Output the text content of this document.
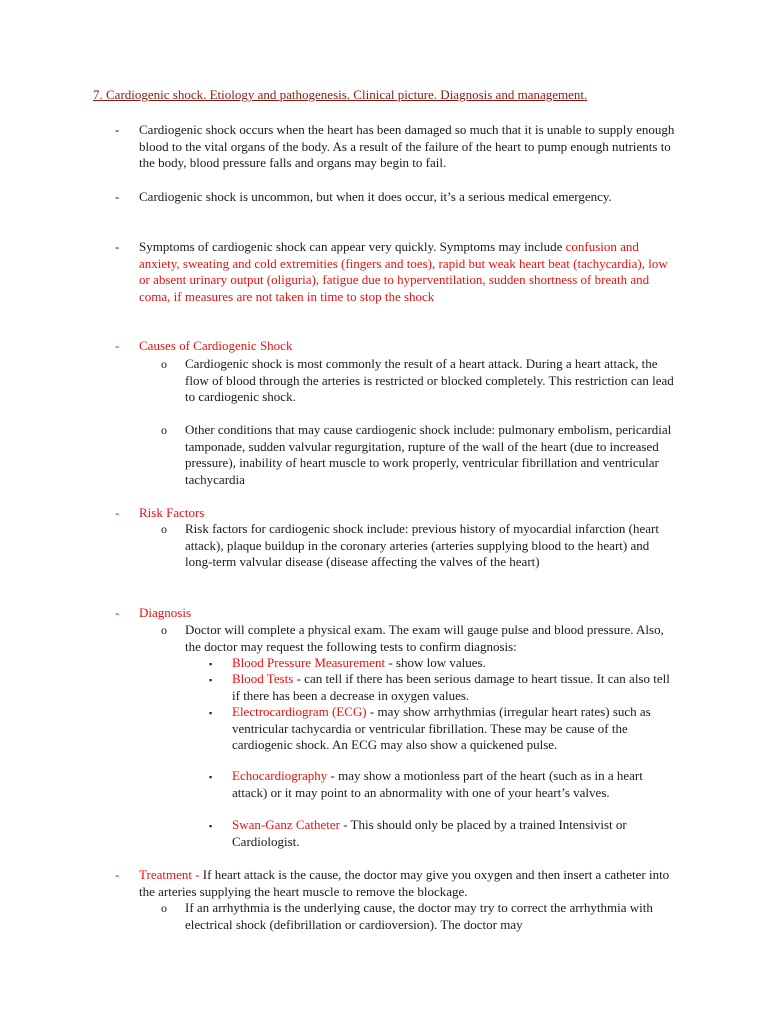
7. Cardiogenic shock. Etiology and pathogenesis. Clinical picture. Diagnosis and management.
-	Cardiogenic shock occurs when the heart has been damaged so much that it is unable to supply enough blood to the vital organs of the body. As a result of the failure of the heart to pump enough nutrients to the body, blood pressure falls and organs may begin to fail.

-	Cardiogenic shock is uncommon, but when it does occur, it’s a serious medical emergency.

-	Symptoms of cardiogenic shock can appear very quickly. Symptoms may include confusion and anxiety, sweating and cold extremities (fingers and toes), rapid but weak heart beat (tachycardia), low or absent urinary output (oliguria), fatigue due to hyperventilation, sudden shortness of breath and coma, if measures are not taken in time to stop the shock

-	Causes of Cardiogenic Shock

o Cardiogenic shock is most commonly the result of a heart attack. During a heart attack, the flow of blood through the arteries is restricted or blocked completely. This restriction can lead to cardiogenic shock.

o Other conditions that may cause cardiogenic shock include: pulmonary embolism, pericardial tamponade, sudden valvular regurgitation, rupture of the wall of the heart (due to increased pressure), inability of heart muscle to work properly, ventricular fibrillation and ventricular tachycardia

-	Risk Factors

o Risk factors for cardiogenic shock include: previous history of myocardial infarction (heart attack), plaque buildup in the coronary arteries (arteries supplying blood to the heart) and long-term valvular disease (disease affecting the valves of the heart)

-	Diagnosis

o Doctor will complete a physical exam. The exam will gauge pulse and blood pressure. Also, the doctor may request the following tests to confirm diagnosis:

▪ Blood Pressure Measurement - show low values.

▪ Blood Tests - can tell if there has been serious damage to heart tissue. It can also tell if there has been a decrease in oxygen values.

▪ Electrocardiogram (ECG) - may show arrhythmias (irregular heart rates) such as ventricular tachycardia or ventricular fibrillation. These may be cause of the cardiogenic shock. An ECG may also show a quickened pulse.

▪ Echocardiography - may show a motionless part of the heart (such as in a heart attack) or it may point to an abnormality with one of your heart’s valves.

▪ Swan-Ganz Catheter - This should only be placed by a trained Intensivist or Cardiologist.

-	Treatment - If heart attack is the cause, the doctor may give you oxygen and then insert a catheter into the arteries supplying the heart muscle to remove the blockage.

o If an arrhythmia is the underlying cause, the doctor may try to correct the arrhythmia with electrical shock (defibrillation or cardioversion). The doctor may
